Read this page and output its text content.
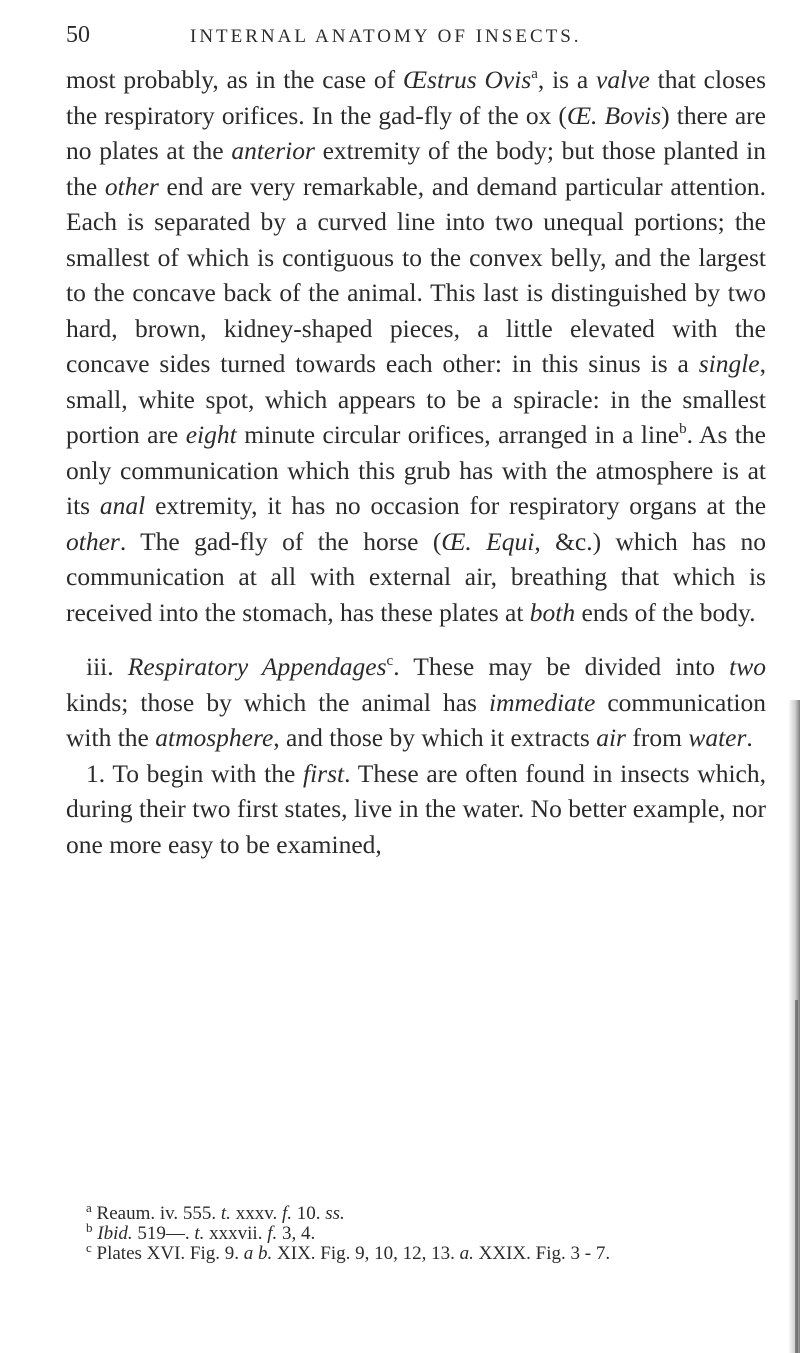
50	INTERNAL ANATOMY OF INSECTS.

most probably, as in the case of Œstrus Ovis$^a$, is a valve that closes the respiratory orifices. In the gad-fly of the ox (Œ. Bovis) there are no plates at the anterior extremity of the body; but those planted in the other end are very remarkable, and demand particular attention. Each is separated by a curved line into two unequal portions; the smallest of which is contiguous to the convex belly, and the largest to the concave back of the animal. This last is distinguished by two hard, brown, kidney-shaped pieces, a little elevated with the concave sides turned towards each other: in this sinus is a single, small, white spot, which appears to be a spiracle: in the smallest portion are eight minute circular orifices, arranged in a line$^b$. As the only communication which this grub has with the atmosphere is at its anal extremity, it has no occasion for respiratory organs at the other. The gad-fly of the horse (Œ. Equi, &c.) which has no communication at all with external air, breathing that which is received into the stomach, has these plates at both ends of the body.

iii. Respiratory Appendages$^c$. These may be divided into two kinds; those by which the animal has immediate communication with the atmosphere, and those by which it extracts air from water.

1. To begin with the first. These are often found in insects which, during their two first states, live in the water. No better example, nor one more easy to be examined,

$^a$ Reaum. iv. 555. t. xxxv. f. 10. ss.

$^b$ Ibid. 519—. t. xxxvii. f. 3, 4.

$^c$ Plates XVI. Fig. 9. a b. XIX. Fig. 9, 10, 12, 13. a. XXIX. Fig. 3 - 7.
